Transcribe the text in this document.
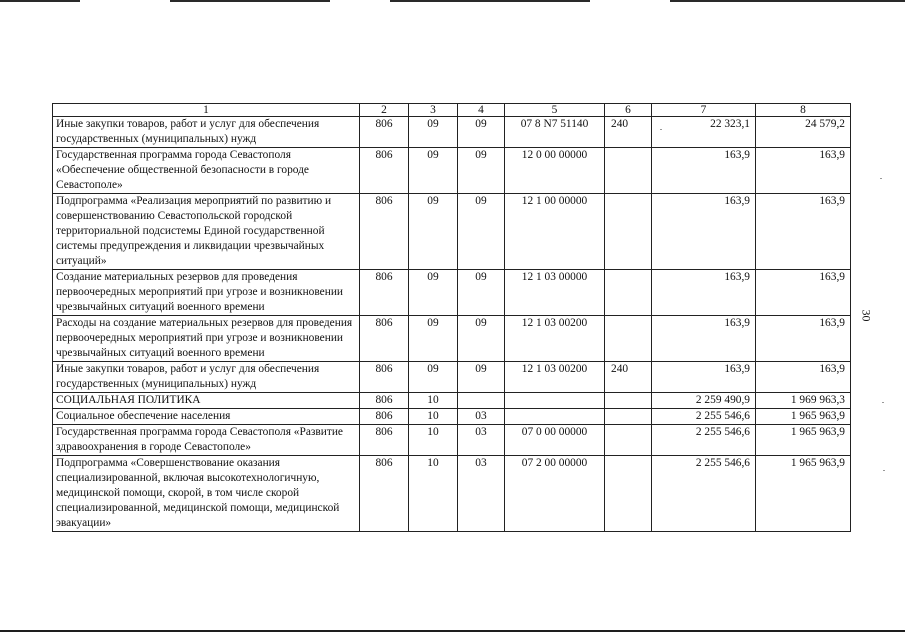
30
1	2	3	4	5	6	7	8
Иные закупки товаров, работ и услуг для обеспечения государственных (муниципальных) нужд	806	09	09	07 8 N7 51140	240	22 323,1	24 579,2
Государственная программа города Севастополя «Обеспечение общественной безопасности в городе Севастополе»	806	09	09	12 0 00 00000		163,9	163,9
Подпрограмма «Реализация мероприятий по развитию и совершенствованию Севастопольской городской территориальной подсистемы Единой государственной системы предупреждения и ликвидации чрезвычайных ситуаций»	806	09	09	12 1 00 00000		163,9	163,9
Создание материальных резервов для проведения первоочередных мероприятий при угрозе и возникновении чрезвычайных ситуаций военного времени	806	09	09	12 1 03 00000		163,9	163,9
Расходы на создание материальных резервов для проведения первоочередных мероприятий при угрозе и возникновении чрезвычайных ситуаций военного времени	806	09	09	12 1 03 00200		163,9	163,9
Иные закупки товаров, работ и услуг для обеспечения государственных (муниципальных) нужд	806	09	09	12 1 03 00200	240	163,9	163,9
СОЦИАЛЬНАЯ ПОЛИТИКА	806	10				2 259 490,9	1 969 963,3
Социальное обеспечение населения	806	10	03			2 255 546,6	1 965 963,9
Государственная программа города Севастополя «Развитие здравоохранения в городе Севастополе»	806	10	03	07 0 00 00000		2 255 546,6	1 965 963,9
Подпрограмма «Совершенствование оказания специализированной, включая высокотехнологичную, медицинской помощи, скорой, в том числе скорой специализированной, медицинской помощи, медицинской эвакуации»	806	10	03	07 2 00 00000		2 255 546,6	1 965 963,9
